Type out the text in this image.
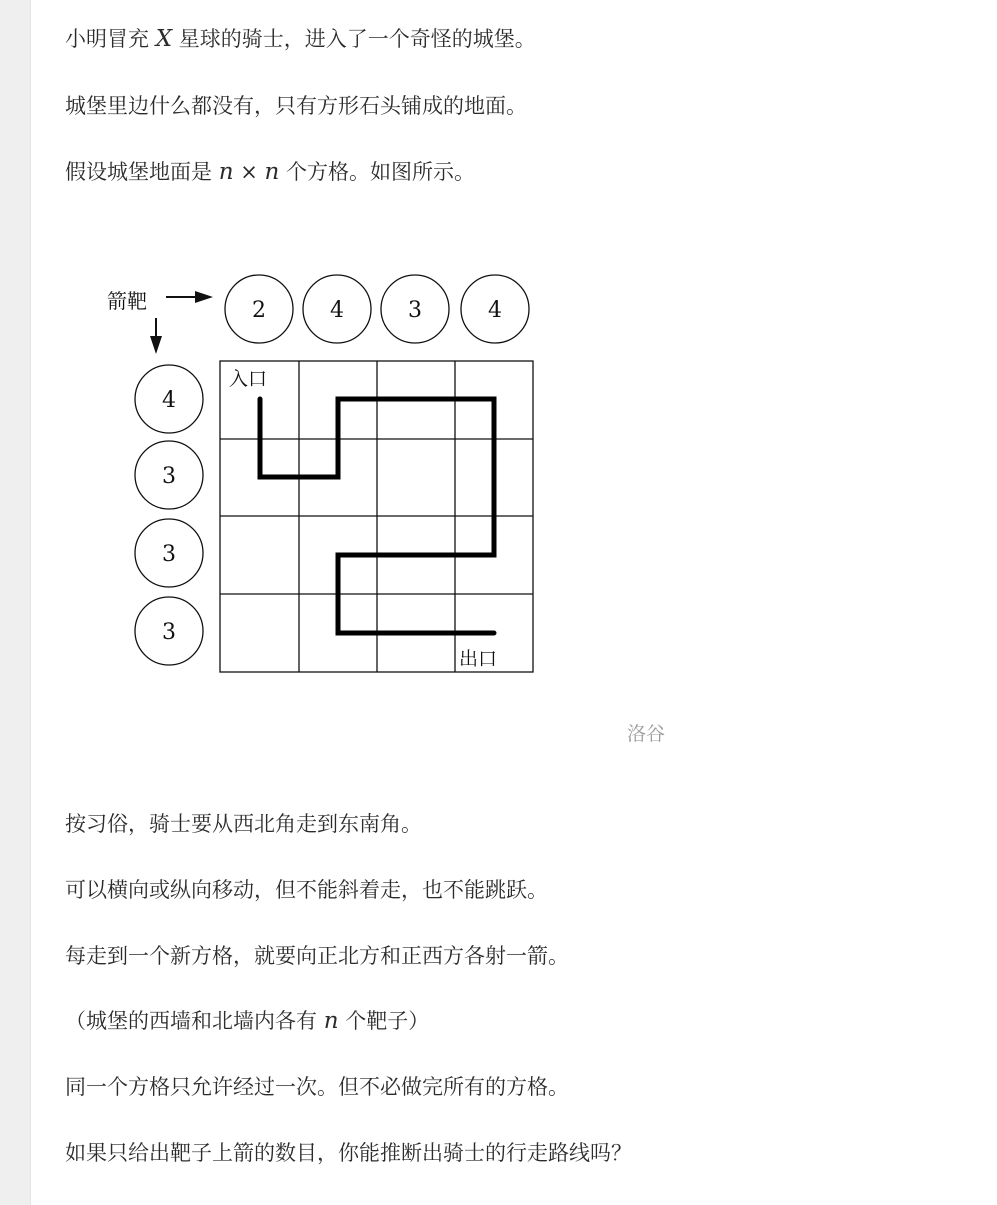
小明冒充 X 星球的骑士，进入了一个奇怪的城堡。
城堡里边什么都没有，只有方形石头铺成的地面。
假设城堡地面是 n × n 个方格。如图所示。
按习俗，骑士要从西北角走到东南角。
可以横向或纵向移动，但不能斜着走，也不能跳跃。
每走到一个新方格，就要向正北方和正西方各射一箭。
（城堡的西墙和北墙内各有 n 个靶子）
同一个方格只允许经过一次。但不必做完所有的方格。
如果只给出靶子上箭的数目，你能推断出骑士的行走路线吗？
箭靶	2	4	3	4
4
3
3
3
入口
出口
洛谷
